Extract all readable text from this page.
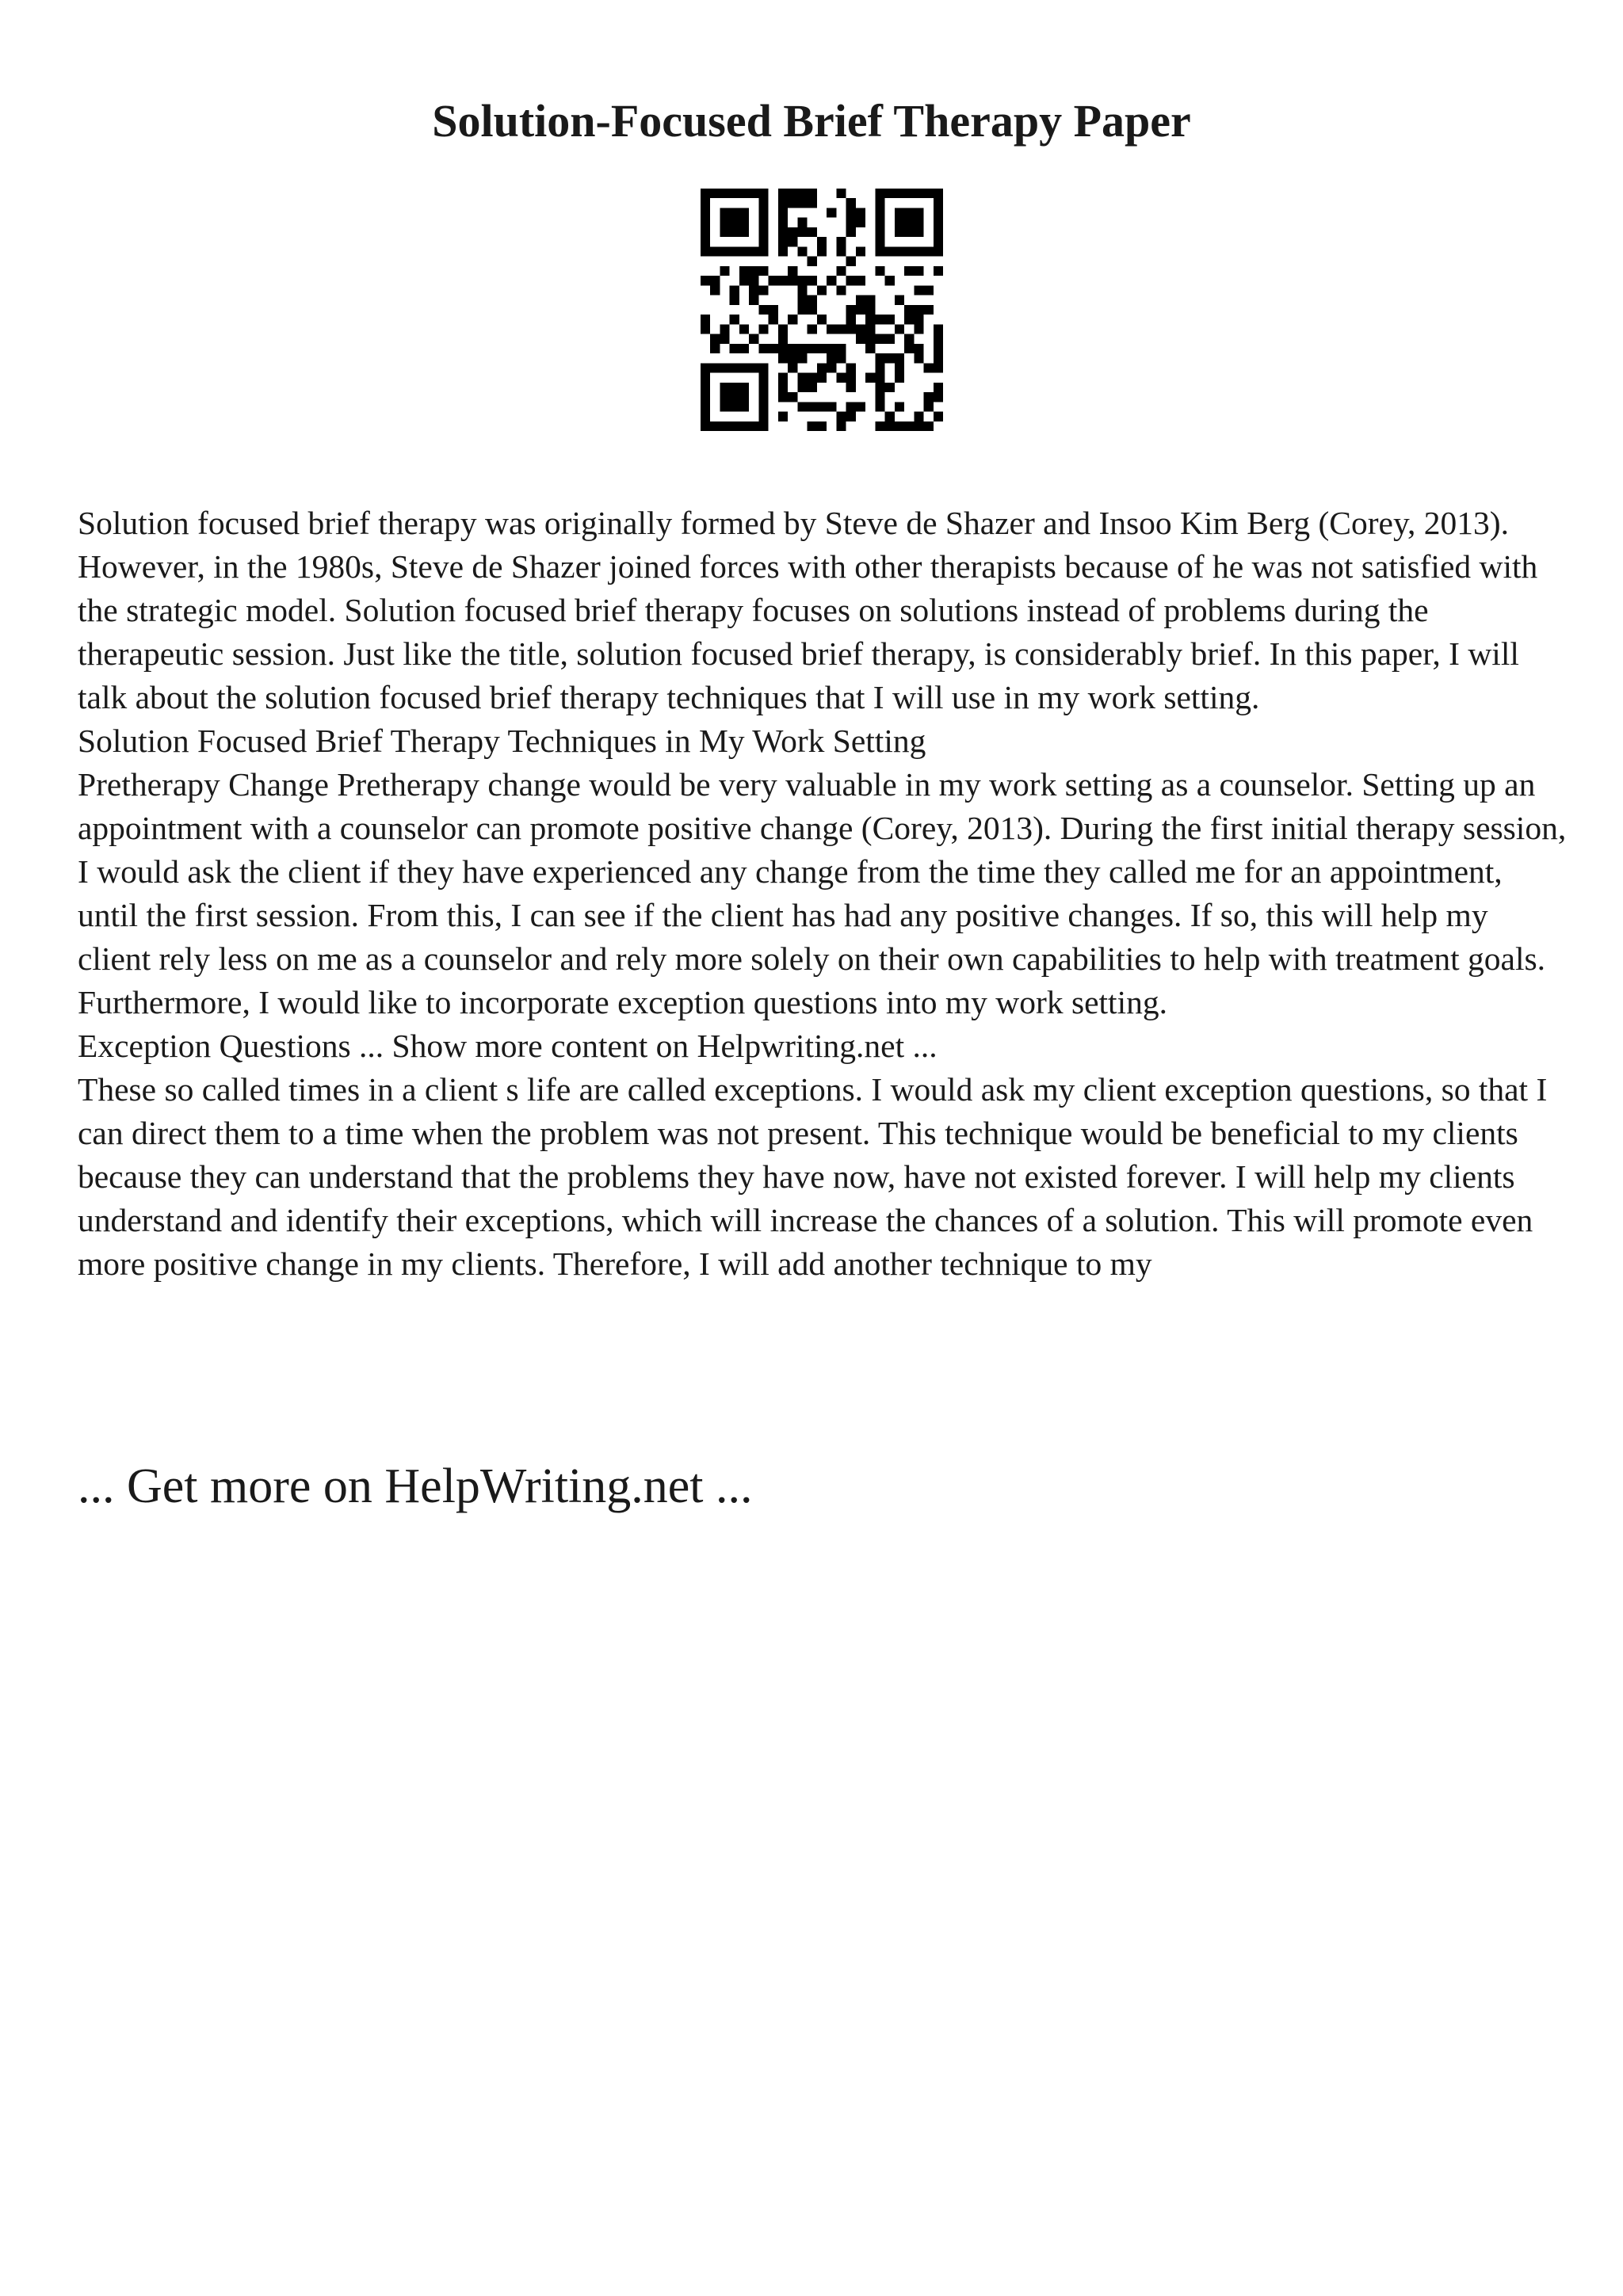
Solution-Focused Brief Therapy Paper

Solution focused brief therapy was originally formed by Steve de Shazer and Insoo Kim Berg (Corey, 2013). However, in the 1980s, Steve de Shazer joined forces with other therapists because of he was not satisfied with the strategic model. Solution focused brief therapy focuses on solutions instead of problems during the therapeutic session. Just like the title, solution focused brief therapy, is considerably brief. In this paper, I will talk about the solution focused brief therapy techniques that I will use in my work setting.

Solution Focused Brief Therapy Techniques in My Work Setting

Pretherapy Change Pretherapy change would be very valuable in my work setting as a counselor. Setting up an appointment with a counselor can promote positive change (Corey, 2013). During the first initial therapy session, I would ask the client if they have experienced any change from the time they called me for an appointment, until the first session. From this, I can see if the client has had any positive changes. If so, this will help my client rely less on me as a counselor and rely more solely on their own capabilities to help with treatment goals. Furthermore, I would like to incorporate exception questions into my work setting.

Exception Questions ... Show more content on Helpwriting.net ...

These so called times in a client s life are called exceptions. I would ask my client exception questions, so that I can direct them to a time when the problem was not present. This technique would be beneficial to my clients because they can understand that the problems they have now, have not existed forever. I will help my clients understand and identify their exceptions, which will increase the chances of a solution. This will promote even more positive change in my clients. Therefore, I will add another technique to my

... Get more on HelpWriting.net ...
